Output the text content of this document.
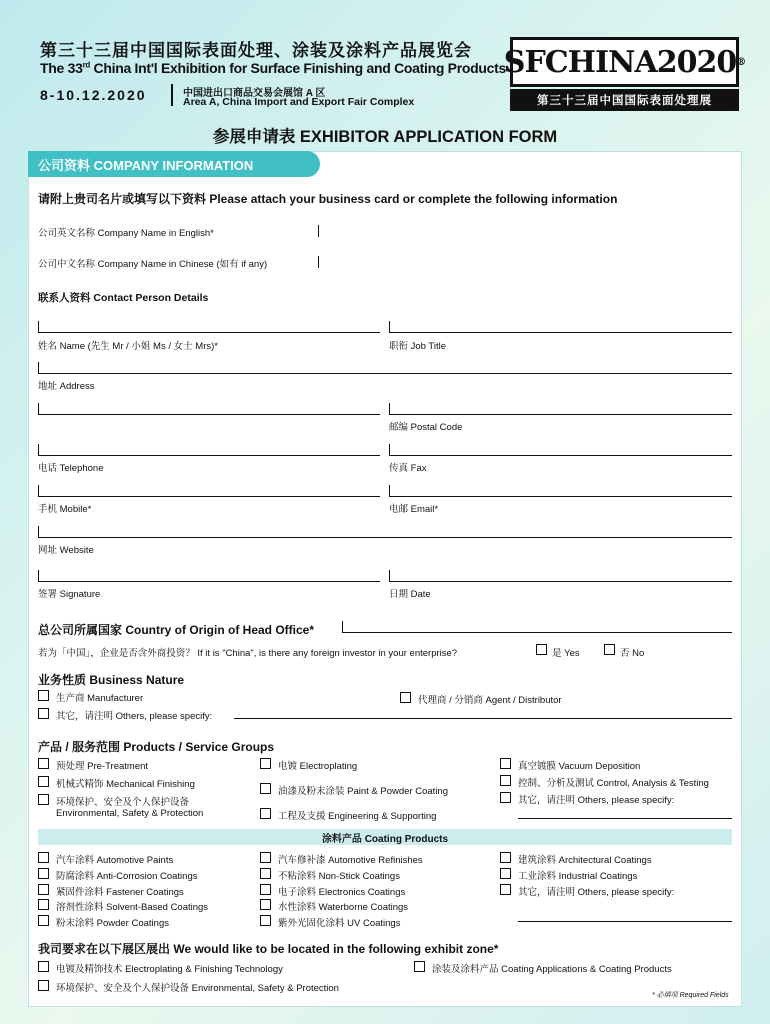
第三十三届中国国际表面处理、涂装及涂料产品展览会
The 33rd China Int'l Exhibition for Surface Finishing and Coating Products
8-10.12.2020	中国进出口商品交易会展馆 A 区
Area A, China Import and Export Fair Complex
SFCHINA2020 ®
第三十三届中国国际表面处理展
参展申请表 EXHIBITOR APPLICATION FORM
公司资料 COMPANY INFORMATION
请附上贵司名片或填写以下资料 Please attach your business card or complete the following information
公司英文名称 Company Name in English*
公司中文名称 Company Name in Chinese (如有 if any)
联系人资料 Contact Person Details
姓名 Name (先生 Mr / 小姐 Ms / 女士 Mrs)*	职衔 Job Title
地址 Address
邮编 Postal Code
电话 Telephone	传真 Fax
手机 Mobile*	电邮 Email*
网址 Website
签署 Signature	日期 Date
总公司所属国家 Country of Origin of Head Office*
若为「中国」，企业是否含外商投资？ If it is "China", is there any foreign investor in your enterprise?	是 Yes	否 No
业务性质 Business Nature
生产商 Manufacturer	代理商 / 分销商 Agent / Distributor
其它，请注明 Others, please specify:
产品 / 服务范围 Products / Service Groups
预处理 Pre-Treatment
机械式精饰 Mechanical Finishing
环境保护、安全及个人保护设备
Environmental, Safety & Protection
电镀 Electroplating
油漆及粉末涂装 Paint & Powder Coating
工程及支援 Engineering & Supporting
真空镀膜 Vacuum Deposition
控制、分析及测试 Control, Analysis & Testing
其它，请注明 Others, please specify:
涂料产品 Coating Products
汽车涂料 Automotive Paints
防腐涂料 Anti-Corrosion Coatings
紧固件涂料 Fastener Coatings
溶剂性涂料 Solvent-Based Coatings
粉末涂料 Powder Coatings
汽车修补漆 Automotive Refinishes
不粘涂料 Non-Stick Coatings
电子涂料 Electronics Coatings
水性涂料 Waterborne Coatings
紫外光固化涂料 UV Coatings
建筑涂料 Architectural Coatings
工业涂料 Industrial Coatings
其它，请注明 Others, please specify:
我司要求在以下展区展出 We would like to be located in the following exhibit zone*
电镀及精饰技术 Electroplating & Finishing Technology	涂装及涂料产品 Coating Applications & Coating Products
环境保护、安全及个人保护设备 Environmental, Safety & Protection
* 必填项 Required Fields
